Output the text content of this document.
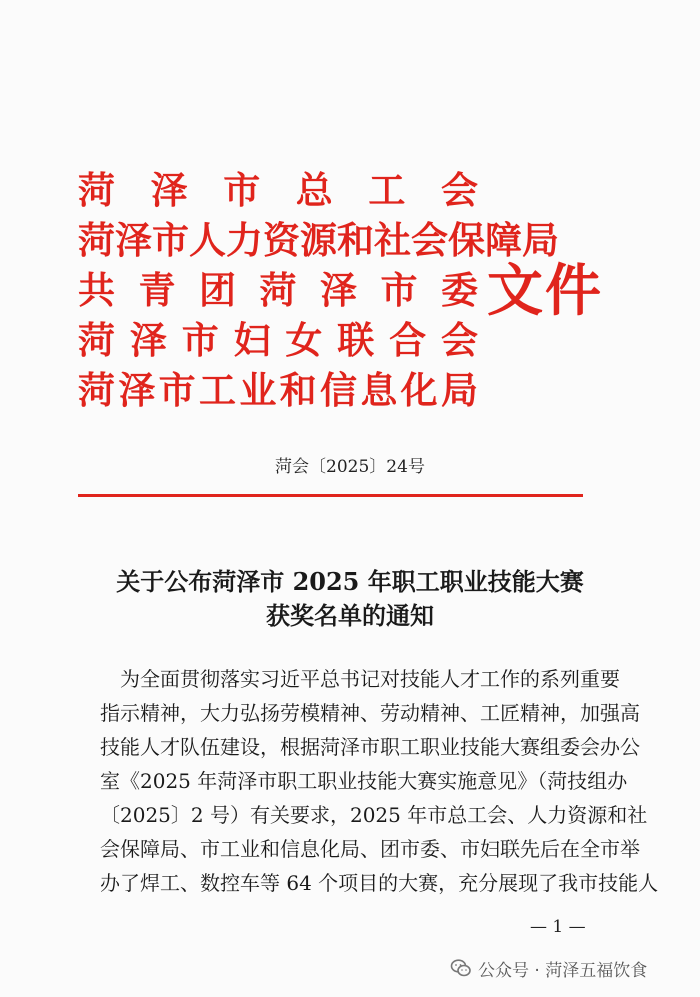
菏泽市总工会
菏泽市人力资源和社会保障局
共青团菏泽市委
菏泽市妇女联合会
菏泽市工业和信息化局
文件
菏会〔2025〕24号
关于公布菏泽市 2025 年职工职业技能大赛
获奖名单的通知
为全面贯彻落实习近平总书记对技能人才工作的系列重要
指示精神，大力弘扬劳模精神、劳动精神、工匠精神，加强高
技能人才队伍建设，根据菏泽市职工职业技能大赛组委会办公
室《2025 年菏泽市职工职业技能大赛实施意见》（菏技组办
〔2025〕2 号）有关要求，2025 年市总工会、人力资源和社
会保障局、市工业和信息化局、团市委、市妇联先后在全市举
办了焊工、数控车等 64 个项目的大赛，充分展现了我市技能人
— 1 —
公众号 · 菏泽五福饮食
